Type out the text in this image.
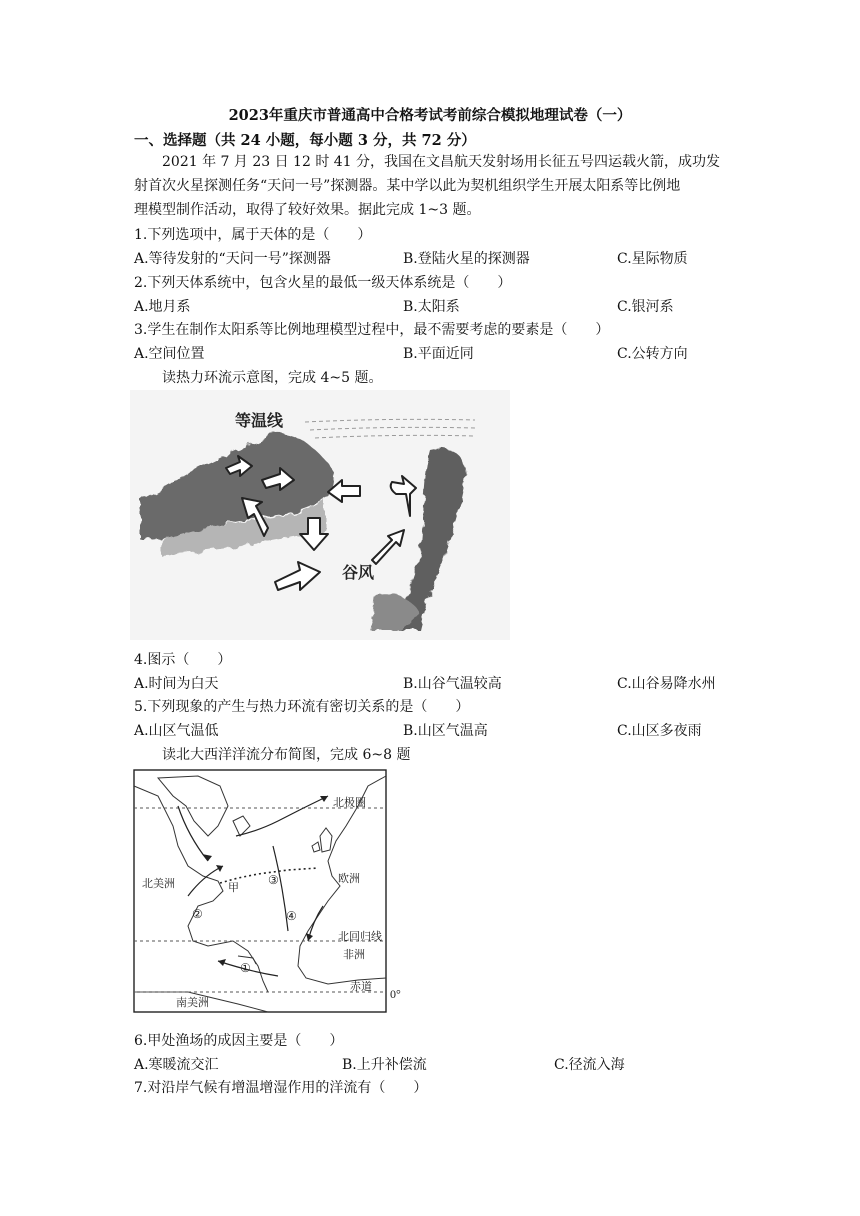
2023年重庆市普通高中合格考试考前综合模拟地理试卷（一）
一、选择题（共 24 小题，每小题 3 分，共 72 分）
2021 年 7 月 23 日 12 时 41 分，我国在文昌航天发射场用长征五号四运载火箭，成功发
射首次火星探测任务“天问一号”探测器。某中学以此为契机组织学生开展太阳系等比例地
理模型制作活动，取得了较好效果。据此完成 1~3 题。
1.下列选项中，属于天体的是（　　）
A.等待发射的“天问一号”探测器	B.登陆火星的探测器	C.星际物质
2.下列天体系统中，包含火星的最低一级天体系统是（　　）
A.地月系	B.太阳系	C.银河系
3.学生在制作太阳系等比例地理模型过程中，最不需要考虑的要素是（　　）
A.空间位置	B.平面近同	C.公转方向
读热力环流示意图，完成 4~5 题。
等温线
谷风
4.图示（　　）
A.时间为白天	B.山谷气温较高	C.山谷易降水州
5.下列现象的产生与热力环流有密切关系的是（　　）
A.山区气温低	B.山区气温高	C.山区多夜雨
读北大西洋洋流分布简图，完成 6~8 题
北极圈
北美洲	欧洲
甲
北回归线
非洲
赤道 0°
南美洲
①
②
③
④
6.甲处渔场的成因主要是（　　）
A.寒暖流交汇	B.上升补偿流	C.径流入海
7.对沿岸气候有增温增湿作用的洋流有（　　）
